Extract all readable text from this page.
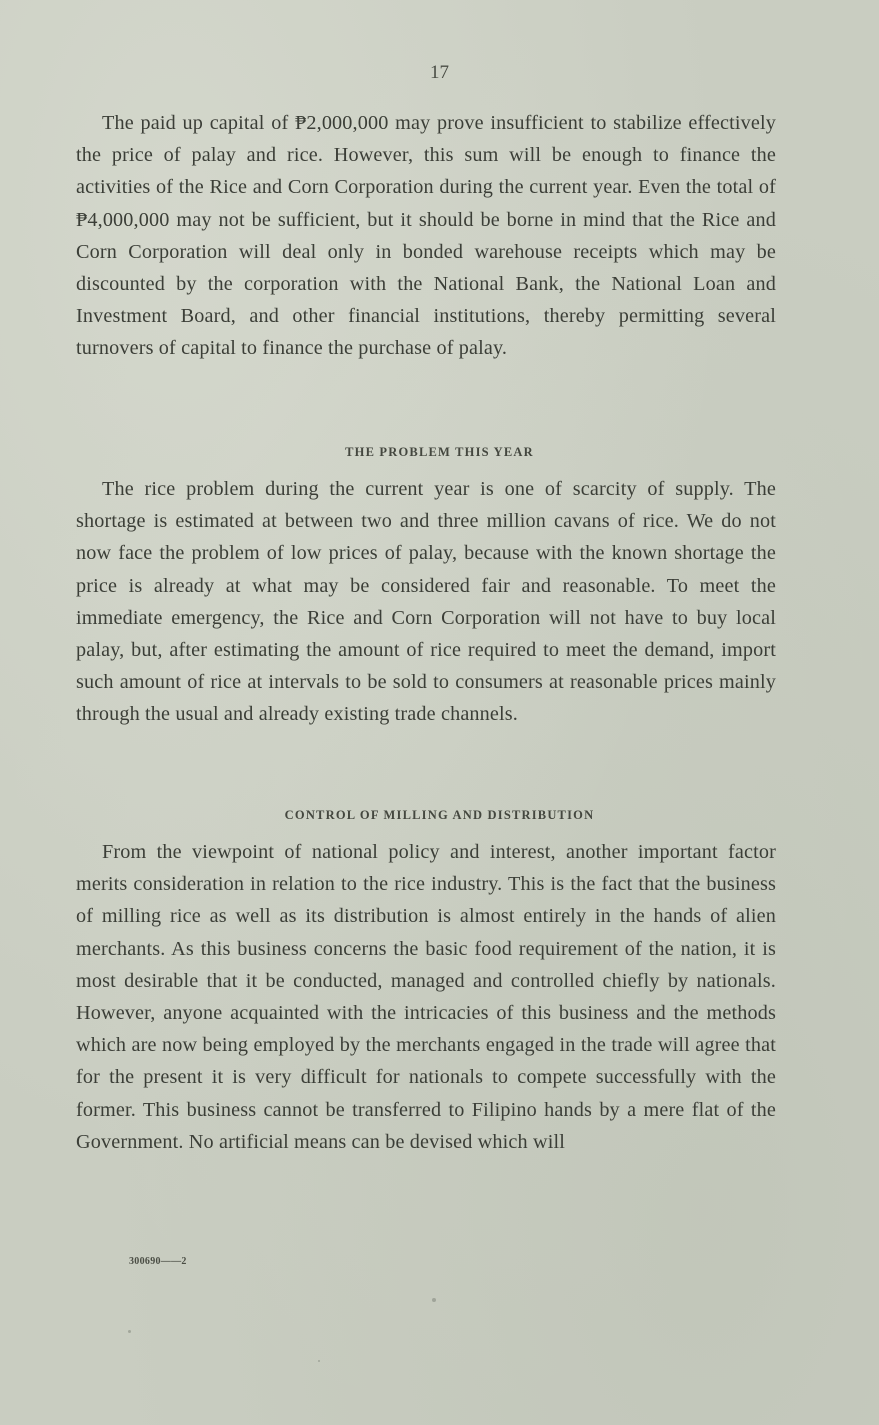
17

The paid up capital of ₱2,000,000 may prove insufficient to stabilize effectively the price of palay and rice. However, this sum will be enough to finance the activities of the Rice and Corn Corporation during the current year. Even the total of ₱4,000,000 may not be sufficient, but it should be borne in mind that the Rice and Corn Corporation will deal only in bonded warehouse receipts which may be discounted by the corporation with the National Bank, the National Loan and Investment Board, and other financial institutions, thereby permitting several turnovers of capital to finance the purchase of palay.

THE PROBLEM THIS YEAR

The rice problem during the current year is one of scarcity of supply. The shortage is estimated at between two and three million cavans of rice. We do not now face the problem of low prices of palay, because with the known shortage the price is already at what may be considered fair and reasonable. To meet the immediate emergency, the Rice and Corn Corporation will not have to buy local palay, but, after estimating the amount of rice required to meet the demand, import such amount of rice at intervals to be sold to consumers at reasonable prices mainly through the usual and already existing trade channels.

CONTROL OF MILLING AND DISTRIBUTION

From the viewpoint of national policy and interest, another important factor merits consideration in relation to the rice industry. This is the fact that the business of milling rice as well as its distribution is almost entirely in the hands of alien merchants. As this business concerns the basic food requirement of the nation, it is most desirable that it be conducted, managed and controlled chiefly by nationals. However, anyone acquainted with the intricacies of this business and the methods which are now being employed by the merchants engaged in the trade will agree that for the present it is very difficult for nationals to compete successfully with the former. This business cannot be transferred to Filipino hands by a mere flat of the Government. No artificial means can be devised which will

300690——2
